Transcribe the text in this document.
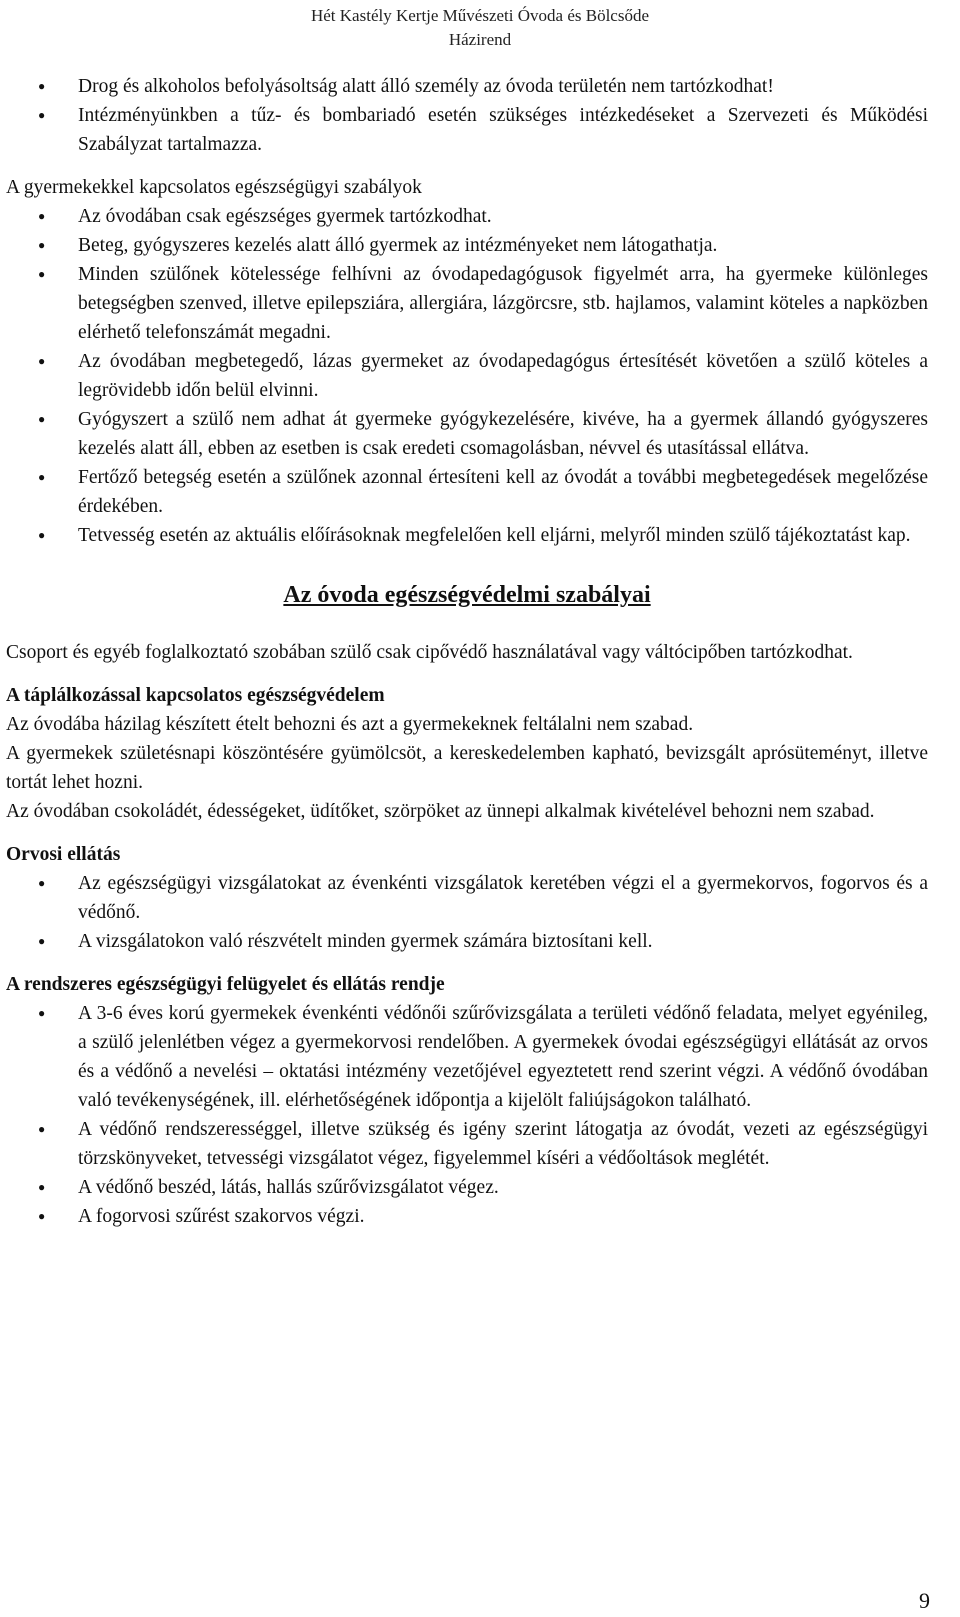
Hét Kastély Kertje Művészeti Óvoda és Bölcsőde
Házirend
● Drog és alkoholos befolyásoltság alatt álló személy az óvoda területén nem tartózkodhat!
● Intézményünkben a tűz- és bombariadó esetén szükséges intézkedéseket a Szervezeti és Működési Szabályzat tartalmazza.

A gyermekekkel kapcsolatos egészségügyi szabályok

● Az óvodában csak egészséges gyermek tartózkodhat.
● Beteg, gyógyszeres kezelés alatt álló gyermek az intézményeket nem látogathatja.
● Minden szülőnek kötelessége felhívni az óvodapedagógusok figyelmét arra, ha gyermeke különleges betegségben szenved, illetve epilepsziára, allergiára, lázgörcsre, stb. hajlamos, valamint köteles a napközben elérhető telefonszámát megadni.
● Az óvodában megbetegedő, lázas gyermeket az óvodapedagógus értesítését követően a szülő köteles a legrövidebb időn belül elvinni.
● Gyógyszert a szülő nem adhat át gyermeke gyógykezelésére, kivéve, ha a gyermek állandó gyógyszeres kezelés alatt áll, ebben az esetben is csak eredeti csomagolásban, névvel és utasítással ellátva.
● Fertőző betegség esetén a szülőnek azonnal értesíteni kell az óvodát a további megbetegedések megelőzése érdekében.
● Tetvesség esetén az aktuális előírásoknak megfelelően kell eljárni, melyről minden szülő tájékoztatást kap.
Az óvoda egészségvédelmi szabályai

Csoport és egyéb foglalkoztató szobában szülő csak cipővédő használatával vagy váltócipőben tartózkodhat.

A táplálkozással kapcsolatos egészségvédelem

Az óvodába házilag készített ételt behozni és azt a gyermekeknek feltálalni nem szabad.

A gyermekek születésnapi köszöntésére gyümölcsöt, a kereskedelemben kapható, bevizsgált aprósüteményt, illetve tortát lehet hozni.

Az óvodában csokoládét, édességeket, üdítőket, szörpöket az ünnepi alkalmak kivételével behozni nem szabad.

Orvosi ellátás

● Az egészségügyi vizsgálatokat az évenkénti vizsgálatok keretében végzi el a gyermekorvos, fogorvos és a védőnő.
● A vizsgálatokon való részvételt minden gyermek számára biztosítani kell.

A rendszeres egészségügyi felügyelet és ellátás rendje

● A 3-6 éves korú gyermekek évenkénti védőnői szűrővizsgálata a területi védőnő feladata, melyet egyénileg, a szülő jelenlétben végez a gyermekorvosi rendelőben. A gyermekek óvodai egészségügyi ellátását az orvos és a védőnő a nevelési – oktatási intézmény vezetőjével egyeztetett rend szerint végzi. A védőnő óvodában való tevékenységének, ill. elérhetőségének időpontja a kijelölt faliújságokon található.
● A védőnő rendszerességgel, illetve szükség és igény szerint látogatja az óvodát, vezeti az egészségügyi törzskönyveket, tetvességi vizsgálatot végez, figyelemmel kíséri a védőoltások meglétét.
● A védőnő beszéd, látás, hallás szűrővizsgálatot végez.
● A fogorvosi szűrést szakorvos végzi.
9
